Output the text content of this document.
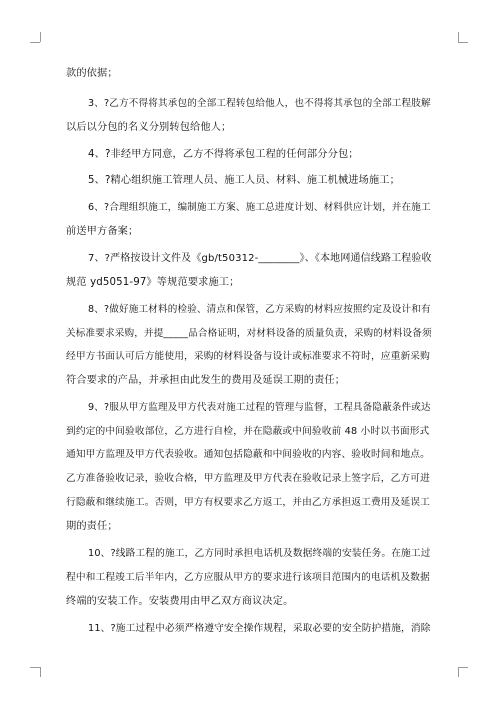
款的依据；
3、?乙方不得将其承包的全部工程转包给他人，也不得将其承包的全部工程肢解
以后以分包的名义分别转包给他人；
4、?非经甲方同意，乙方不得将承包工程的任何部分分包；
5、?精心组织施工管理人员、施工人员、材料、施工机械进场施工；
6、?合理组织施工，编制施工方案、施工总进度计划、材料供应计划，并在施工
前送甲方备案；
7、?严格按设计文件及《gb/t50312-________》、《本地网通信线路工程验收
规范 yd5051-97》等规范要求施工；
8、?做好施工材料的检验、清点和保管，乙方采购的材料应按照约定及设计和有
关标准要求采购，并提_____品合格证明，对材料设备的质量负责，采购的材料设备须
经甲方书面认可后方能使用，采购的材料设备与设计或标准要求不符时，应重新采购
符合要求的产品，并承担由此发生的费用及延误工期的责任；
9、?服从甲方监理及甲方代表对施工过程的管理与监督，工程具备隐蔽条件或达
到约定的中间验收部位，乙方进行自检，并在隐蔽或中间验收前 48 小时以书面形式
通知甲方监理及甲方代表验收。通知包括隐蔽和中间验收的内容、验收时间和地点。
乙方准备验收记录，验收合格，甲方监理及甲方代表在验收记录上签字后，乙方可进
行隐蔽和继续施工。否则，甲方有权要求乙方返工，并由乙方承担返工费用及延误工
期的责任；
10、?线路工程的施工，乙方同时承担电话机及数据终端的安装任务。在施工过
程中和工程竣工后半年内，乙方应服从甲方的要求进行该项目范围内的电话机及数据
终端的安装工作。安装费用由甲乙双方商议决定。
11、?施工过程中必须严格遵守安全操作规程，采取必要的安全防护措施，消除
